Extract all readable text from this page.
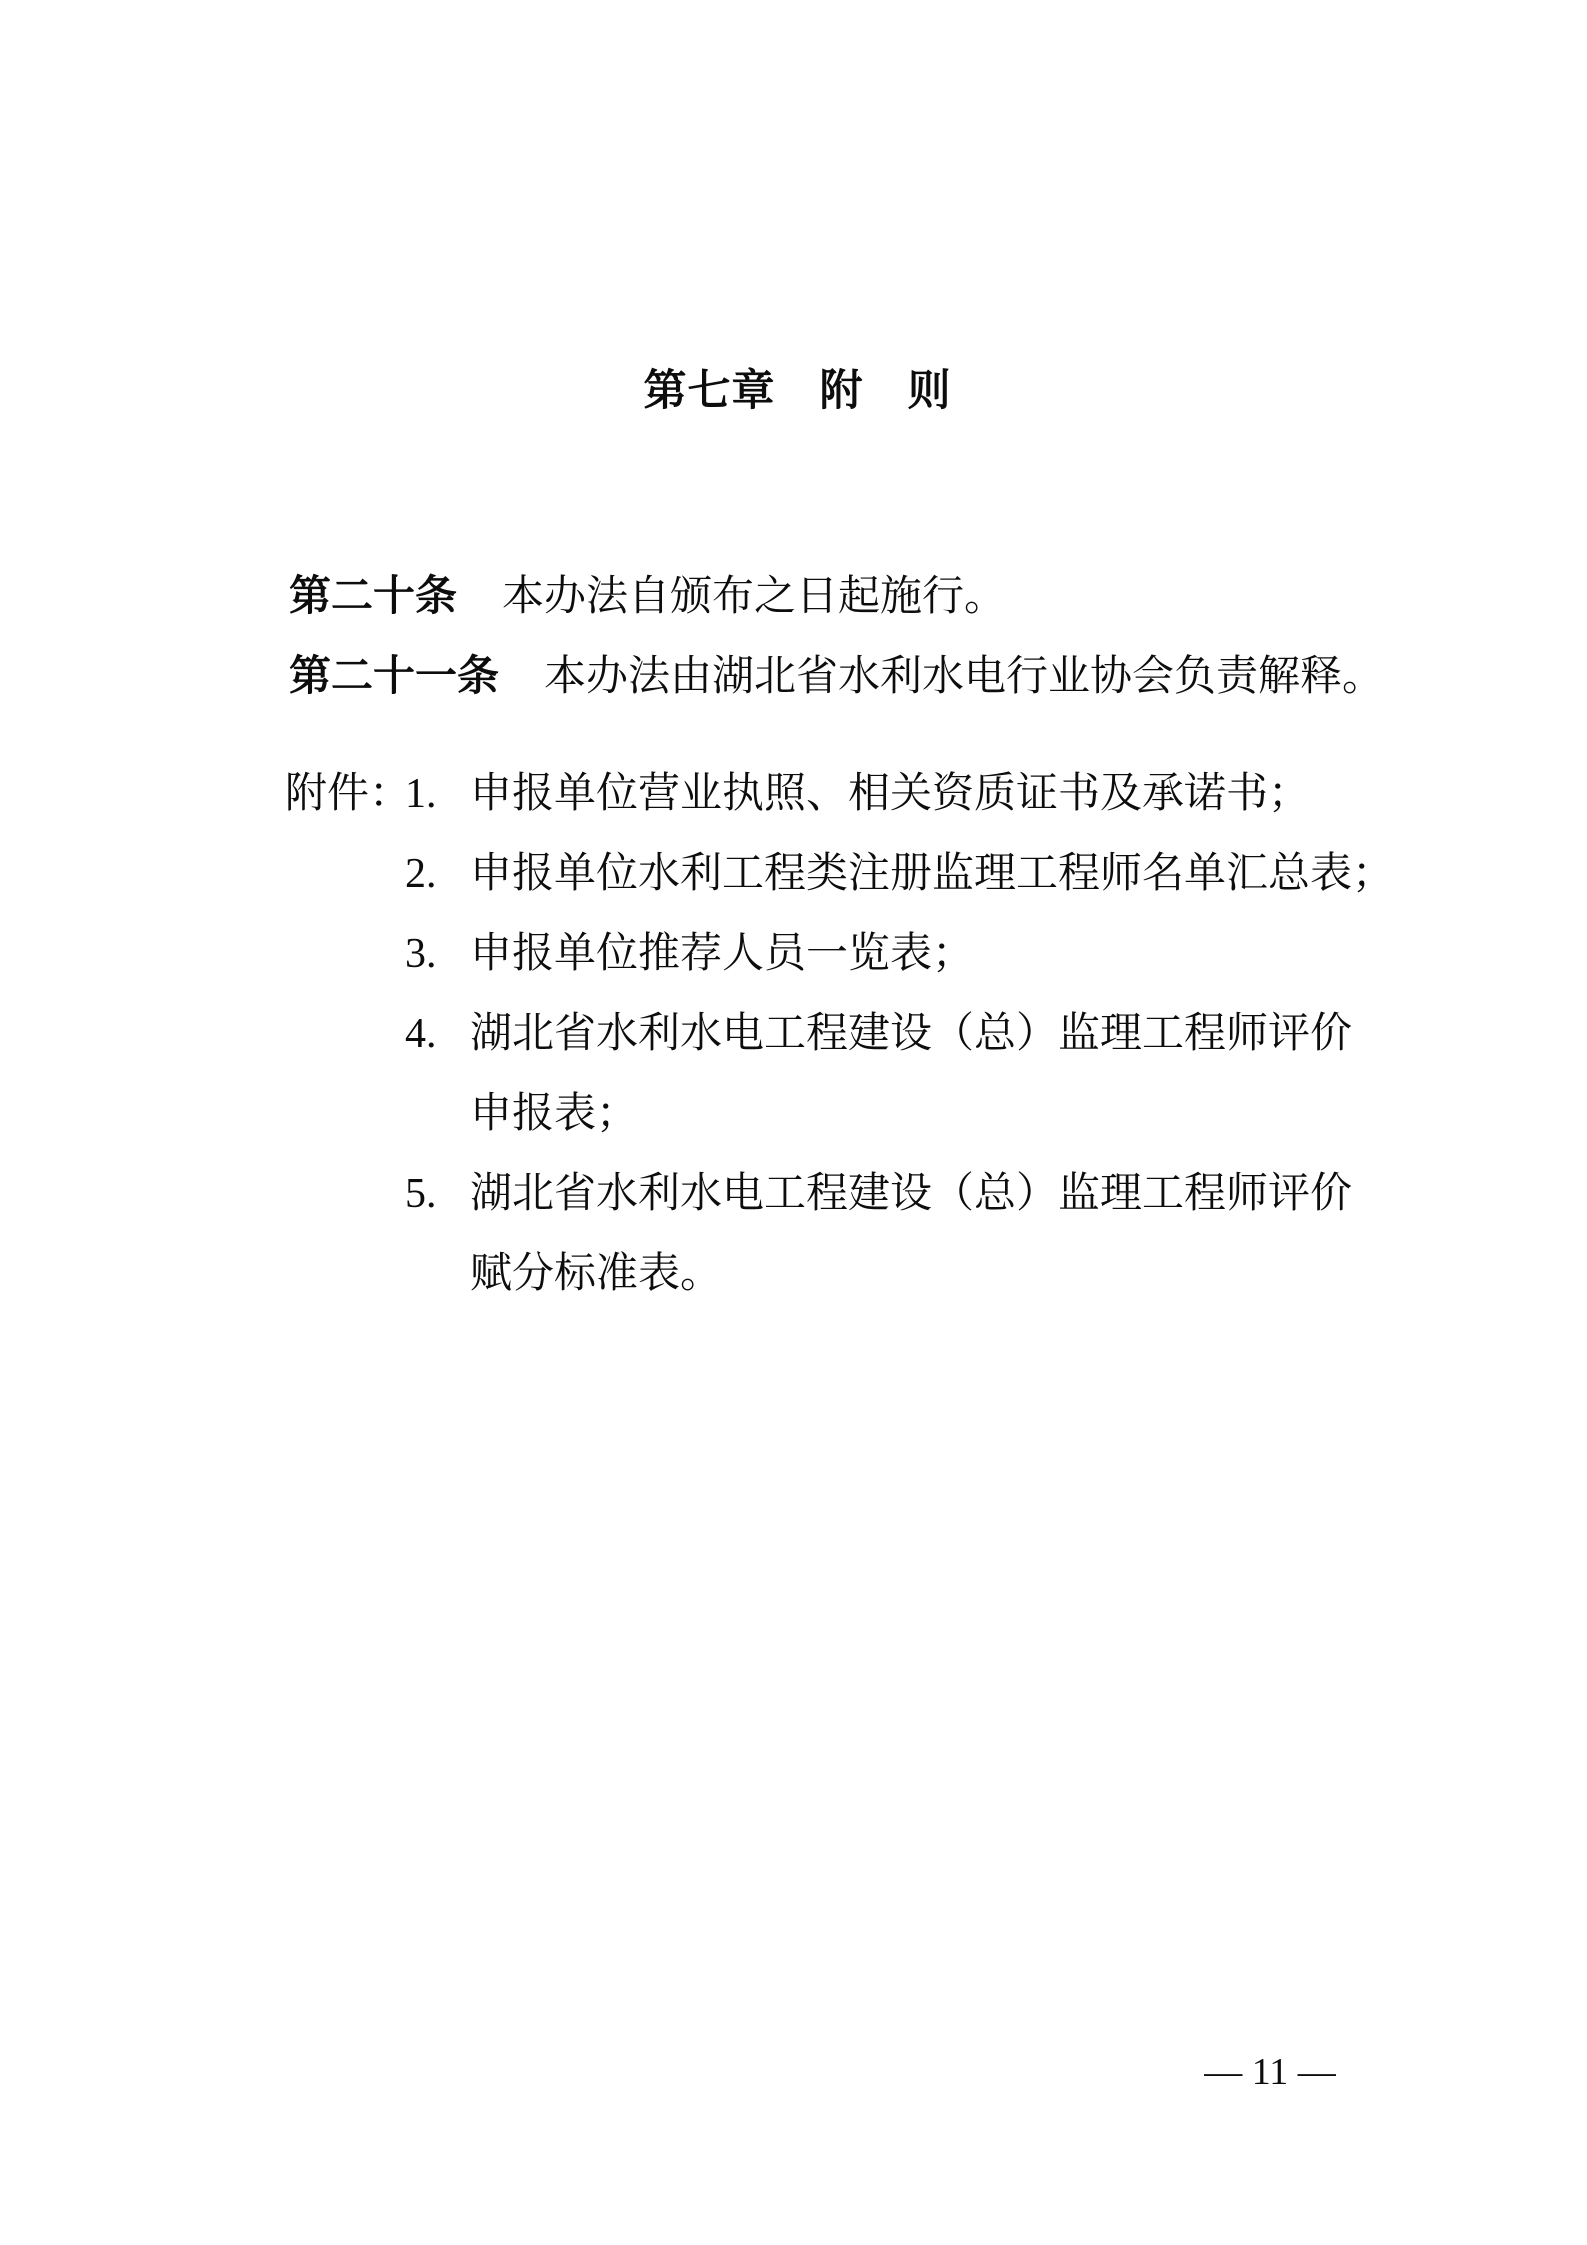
第七章　附　则

第二十条 本办法自颁布之日起施行。

第二十一条 本办法由湖北省水利水电行业协会负责解释。

附件：
1. 申报单位营业执照、相关资质证书及承诺书；
2. 申报单位水利工程类注册监理工程师名单汇总表；
3. 申报单位推荐人员一览表；
4. 湖北省水利水电工程建设（总）监理工程师评价
申报表；
5. 湖北省水利水电工程建设（总）监理工程师评价
赋分标准表。
— 11 —
